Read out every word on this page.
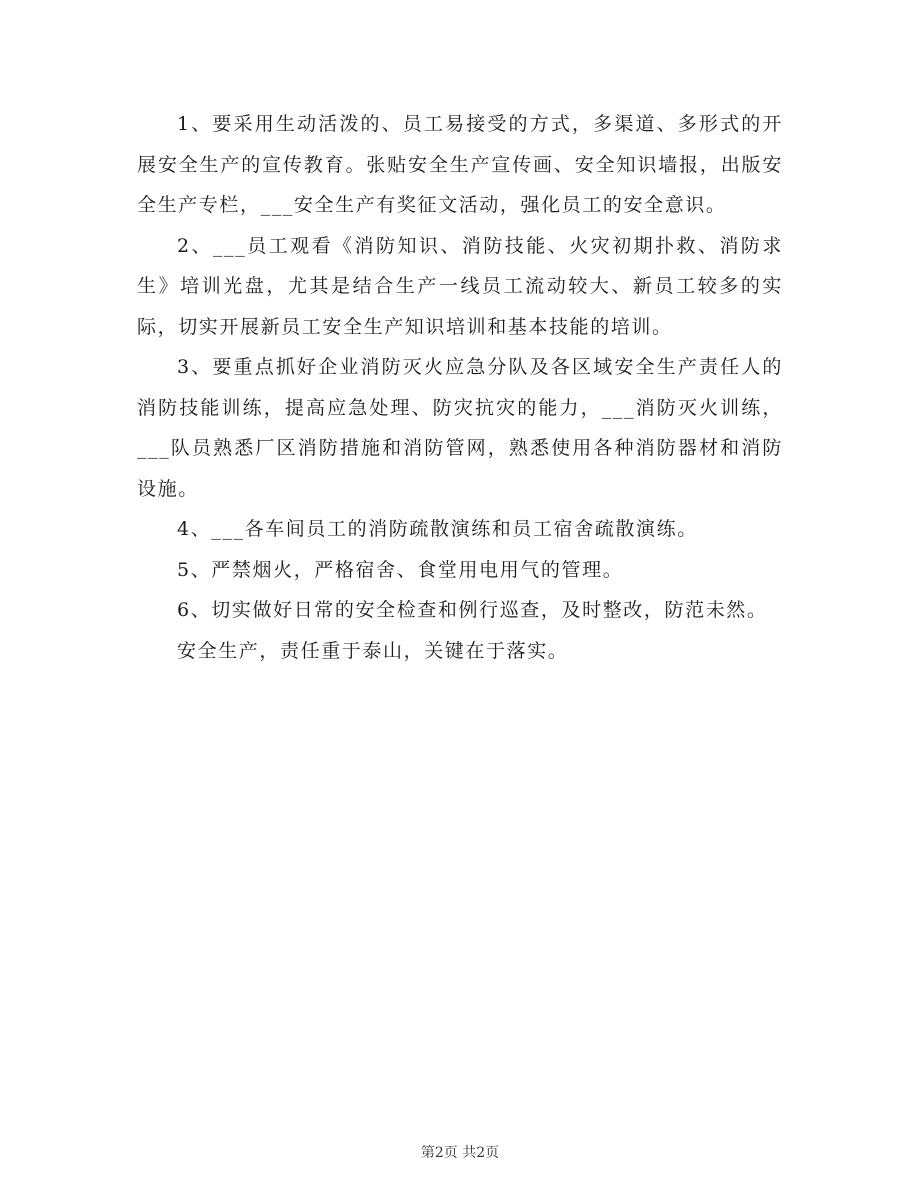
1、要采用生动活泼的、员工易接受的方式，多渠道、多形式的开展安全生产的宣传教育。张贴安全生产宣传画、安全知识墙报，出版安全生产专栏，___安全生产有奖征文活动，强化员工的安全意识。

2、___员工观看《消防知识、消防技能、火灾初期扑救、消防求生》培训光盘，尤其是结合生产一线员工流动较大、新员工较多的实际，切实开展新员工安全生产知识培训和基本技能的培训。

3、要重点抓好企业消防灭火应急分队及各区域安全生产责任人的消防技能训练，提高应急处理、防灾抗灾的能力，___消防灭火训练，___队员熟悉厂区消防措施和消防管网，熟悉使用各种消防器材和消防设施。

4、___各车间员工的消防疏散演练和员工宿舍疏散演练。

5、严禁烟火，严格宿舍、食堂用电用气的管理。

6、切实做好日常的安全检查和例行巡查，及时整改，防范未然。

安全生产，责任重于泰山，关键在于落实。

第2页 共2页
